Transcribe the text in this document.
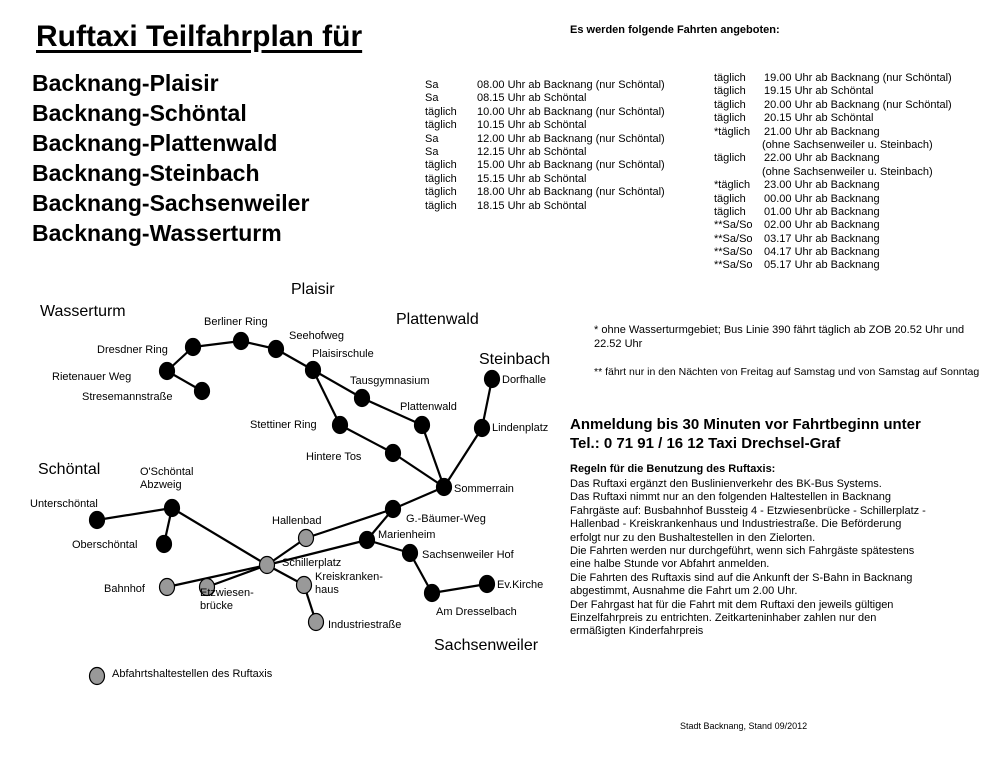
Ruftaxi Teilfahrplan für
Backnang-Plaisir
Backnang-Schöntal
Backnang-Plattenwald
Backnang-Steinbach
Backnang-Sachsenweiler
Backnang-Wasserturm
Es werden folgende Fahrten angeboten:
Sa	08.00 Uhr ab Backnang (nur Schöntal)
Sa	08.15 Uhr ab Schöntal
täglich	10.00 Uhr ab Backnang (nur Schöntal)
täglich	10.15 Uhr ab Schöntal
Sa	12.00 Uhr ab Backnang (nur Schöntal)
Sa	12.15 Uhr ab Schöntal
täglich	15.00 Uhr ab Backnang (nur Schöntal)
täglich	15.15 Uhr ab Schöntal
täglich	18.00 Uhr ab Backnang (nur Schöntal)
täglich	18.15 Uhr ab Schöntal
täglich	19.00 Uhr ab Backnang (nur Schöntal)
täglich	19.15 Uhr ab Schöntal
täglich	20.00 Uhr ab Backnang (nur Schöntal)
täglich	20.15 Uhr ab Schöntal
*täglich	21.00 Uhr ab Backnang
(ohne Sachsenweiler u. Steinbach)
täglich	22.00 Uhr ab Backnang
(ohne Sachsenweiler u. Steinbach)
*täglich	23.00 Uhr ab Backnang
täglich	00.00 Uhr ab Backnang
täglich	01.00 Uhr ab Backnang
**Sa/So	02.00 Uhr ab Backnang
**Sa/So	03.17 Uhr ab Backnang
**Sa/So	04.17 Uhr ab Backnang
**Sa/So	05.17 Uhr ab Backnang
* ohne Wasserturmgebiet; Bus Linie 390 fährt täglich ab ZOB 20.52 Uhr und 22.52 Uhr
** fährt nur in den Nächten von Freitag auf Samstag und von Samstag auf Sonntag
Anmeldung bis 30 Minuten vor Fahrtbeginn unter
Tel.: 0 71 91 / 16 12 Taxi Drechsel-Graf
Regeln für die Benutzung des Ruftaxis:
Das Ruftaxi ergänzt den Buslinienverkehr des BK-Bus Systems.
Das Ruftaxi nimmt nur an den folgenden Haltestellen in Backnang
Fahrgäste auf: Busbahnhof Bussteig 4 - Etzwiesenbrücke - Schillerplatz -
Hallenbad - Kreiskrankenhaus und Industriestraße. Die Beförderung
erfolgt nur zu den Bushaltestellen in den Zielorten.
Die Fahrten werden nur durchgeführt, wenn sich Fahrgäste spätestens
eine halbe Stunde vor Abfahrt anmelden.
Die Fahrten des Ruftaxis sind auf die Ankunft der S-Bahn in Backnang
abgestimmt, Ausnahme die Fahrt um 2.00 Uhr.
Der Fahrgast hat für die Fahrt mit dem Ruftaxi den jeweils gültigen
Einzelfahrpreis zu entrichten. Zeitkarteninhaber zahlen nur den
ermäßigten Kinderfahrpreis
Berliner Ring
Dresdner Ring
Rietenauer Weg
Stresemannstraße
Seehofweg
Plaisirschule
Tausgymnasium
Plattenwald
Stettiner Ring
Hintere Tos
Dorfhalle
Lindenplatz
Sommerrain
G.-Bäumer-Weg
O'Schöntal Abzweig
Unterschöntal
Oberschöntal
Hallenbad
Marienheim
Sachsenweiler Hof
Ev.Kirche
Am Dresselbach
Schillerplatz
Bahnhof	Etzwiesen-brücke
Kreiskranken-haus
Industriestraße
Plaisir
Wasserturm	Plattenwald
Steinbach
Schöntal
Sachsenweiler
Abfahrtshaltestellen des Ruftaxis
Stadt Backnang, Stand 09/2012
